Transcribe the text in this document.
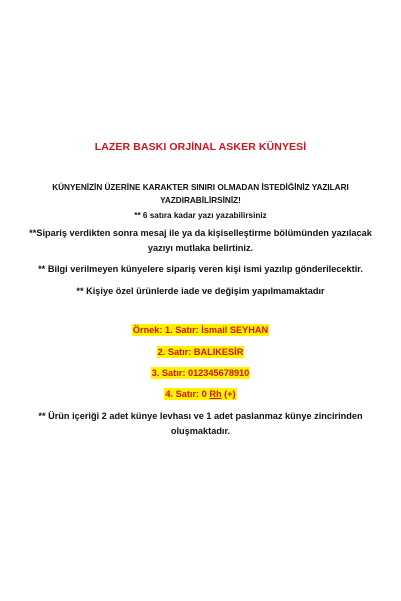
LAZER BASKI ORJİNAL ASKER KÜNYESİ
KÜNYENİZİN ÜZERİNE KARAKTER SINIRI OLMADAN İSTEDİĞİNİZ YAZILARI
YAZDIRABİLİRSİNİZ!
** 6 satıra kadar yazı yazabilirsiniz
**Sipariş verdikten sonra mesaj ile ya da kişiselleştirme bölümünden yazılacak
yazıyı mutlaka belirtiniz.
** Bilgi verilmeyen künyelere sipariş veren kişi ismi yazılıp gönderilecektir.
** Kişiye özel ürünlerde iade ve değişim yapılmamaktadır
Örnek: 1. Satır: İsmail SEYHAN
2. Satır: BALIKESİR
3. Satır: 012345678910
4. Satır: 0 Rh (+)
** Ürün içeriği 2 adet künye levhası ve 1 adet paslanmaz künye zincirinden
oluşmaktadır.
